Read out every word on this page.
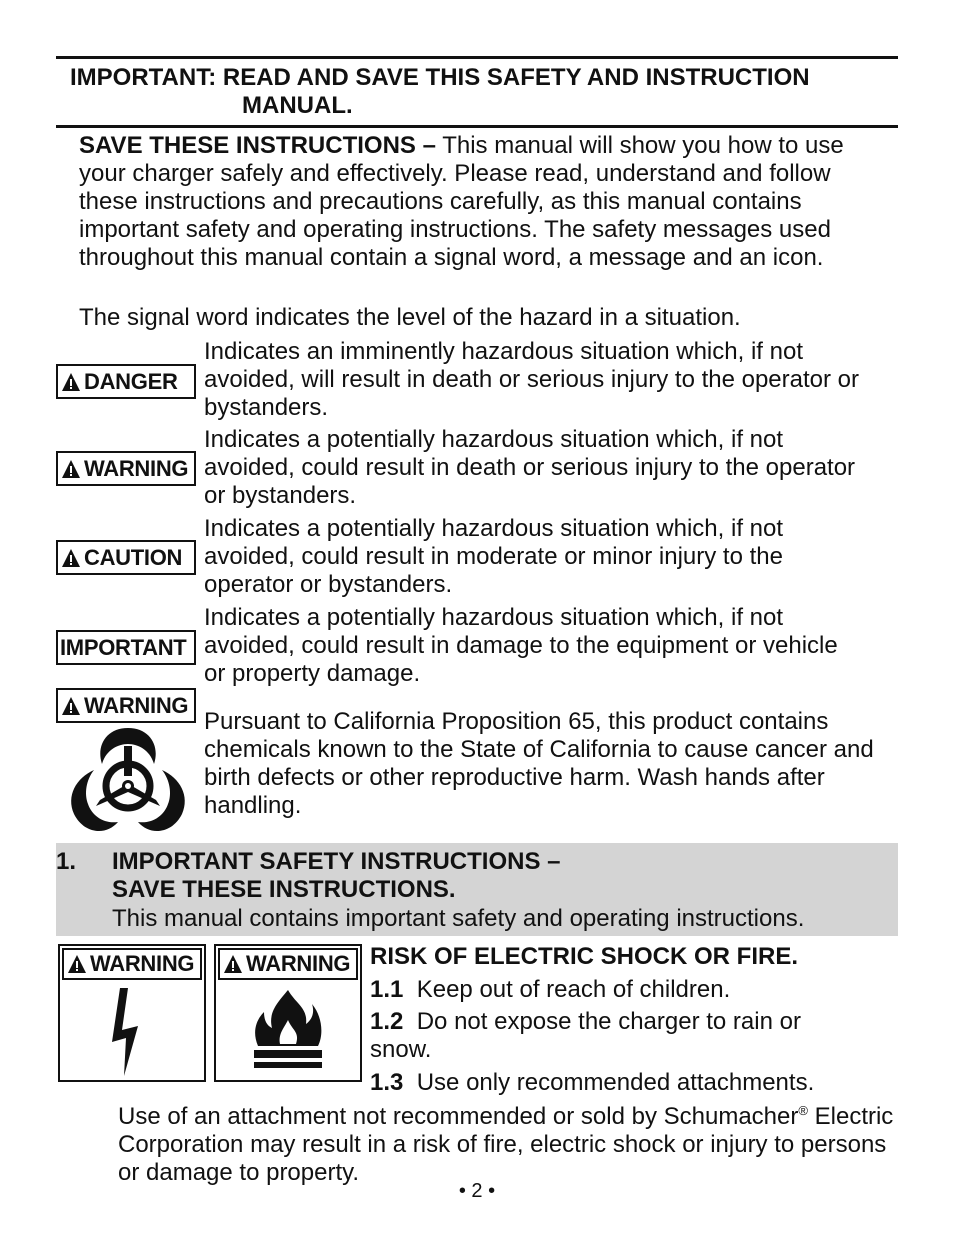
IMPORTANT: READ AND SAVE THIS SAFETY AND INSTRUCTION
MANUAL.
SAVE THESE INSTRUCTIONS – This manual will show you how to use your charger safely and effectively. Please read, understand and follow these instructions and precautions carefully, as this manual contains important safety and operating instructions. The safety messages used throughout this manual contain a signal word, a message and an icon.
The signal word indicates the level of the hazard in a situation.
DANGER
Indicates an imminently hazardous situation which, if not avoided, will result in death or serious injury to the operator or bystanders.
WARNING
Indicates a potentially hazardous situation which, if not avoided, could result in death or serious injury to the operator or bystanders.
CAUTION
Indicates a potentially hazardous situation which, if not avoided, could result in moderate or minor injury to the operator or bystanders.
IMPORTANT
Indicates a potentially hazardous situation which, if not avoided, could result in damage to the equipment or vehicle or property damage.
WARNING
Pursuant to California Proposition 65, this product contains chemicals known to the State of California to cause cancer and birth defects or other reproductive harm. Wash hands after handling.
1. IMPORTANT SAFETY INSTRUCTIONS –
SAVE THESE INSTRUCTIONS.
This manual contains important safety and operating instructions.
WARNING WARNING RISK OF ELECTRIC SHOCK OR FIRE.
1.1 Keep out of reach of children.
1.2 Do not expose the charger to rain or
snow.
1.3 Use only recommended attachments.
Use of an attachment not recommended or sold by Schumacher® Electric Corporation may result in a risk of fire, electric shock or injury to persons or damage to property.
• 2 •
